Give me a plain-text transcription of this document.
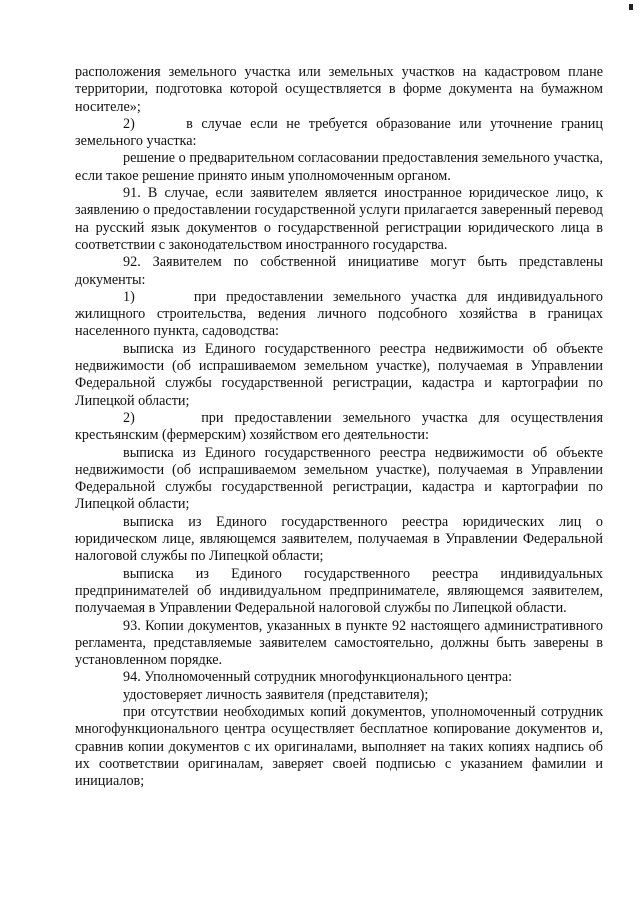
расположения земельного участка или земельных участков на кадастровом плане территории, подготовка которой осуществляется в форме документа на бумажном носителе»;

2)      в случае если не требуется образование или уточнение границ земельного участка:

решение о предварительном согласовании предоставления земельного участка, если такое решение принято иным уполномоченным органом.

91. В случае, если заявителем является иностранное юридическое лицо, к заявлению о предоставлении государственной услуги прилагается заверенный перевод на русский язык документов о государственной регистрации юридического лица в соответствии с законодательством иностранного государства.

92. Заявителем по собственной инициативе могут быть представлены документы:

1)      при предоставлении земельного участка для индивидуального жилищного строительства, ведения личного подсобного хозяйства в границах населенного пункта, садоводства:

выписка из Единого государственного реестра недвижимости об объекте недвижимости (об испрашиваемом земельном участке), получаемая в Управлении Федеральной службы государственной регистрации, кадастра и картографии по Липецкой области;

2)      при предоставлении земельного участка для осуществления крестьянским (фермерским) хозяйством его деятельности:

выписка из Единого государственного реестра недвижимости об объекте недвижимости (об испрашиваемом земельном участке), получаемая в Управлении Федеральной службы государственной регистрации, кадастра и картографии по Липецкой области;

выписка из Единого государственного реестра юридических лиц о юридическом лице, являющемся заявителем, получаемая в Управлении Федеральной налоговой службы по Липецкой области;

выписка из Единого государственного реестра индивидуальных предпринимателей об индивидуальном предпринимателе, являющемся заявителем, получаемая в Управлении Федеральной налоговой службы по Липецкой области.

93. Копии документов, указанных в пункте 92 настоящего административного регламента, представляемые заявителем самостоятельно, должны быть заверены в установленном порядке.

94. Уполномоченный сотрудник многофункционального центра:

удостоверяет личность заявителя (представителя);

при отсутствии необходимых копий документов, уполномоченный сотрудник многофункционального центра осуществляет бесплатное копирование документов и, сравнив копии документов с их оригиналами, выполняет на таких копиях надпись об их соответствии оригиналам, заверяет своей подписью с указанием фамилии и инициалов;
